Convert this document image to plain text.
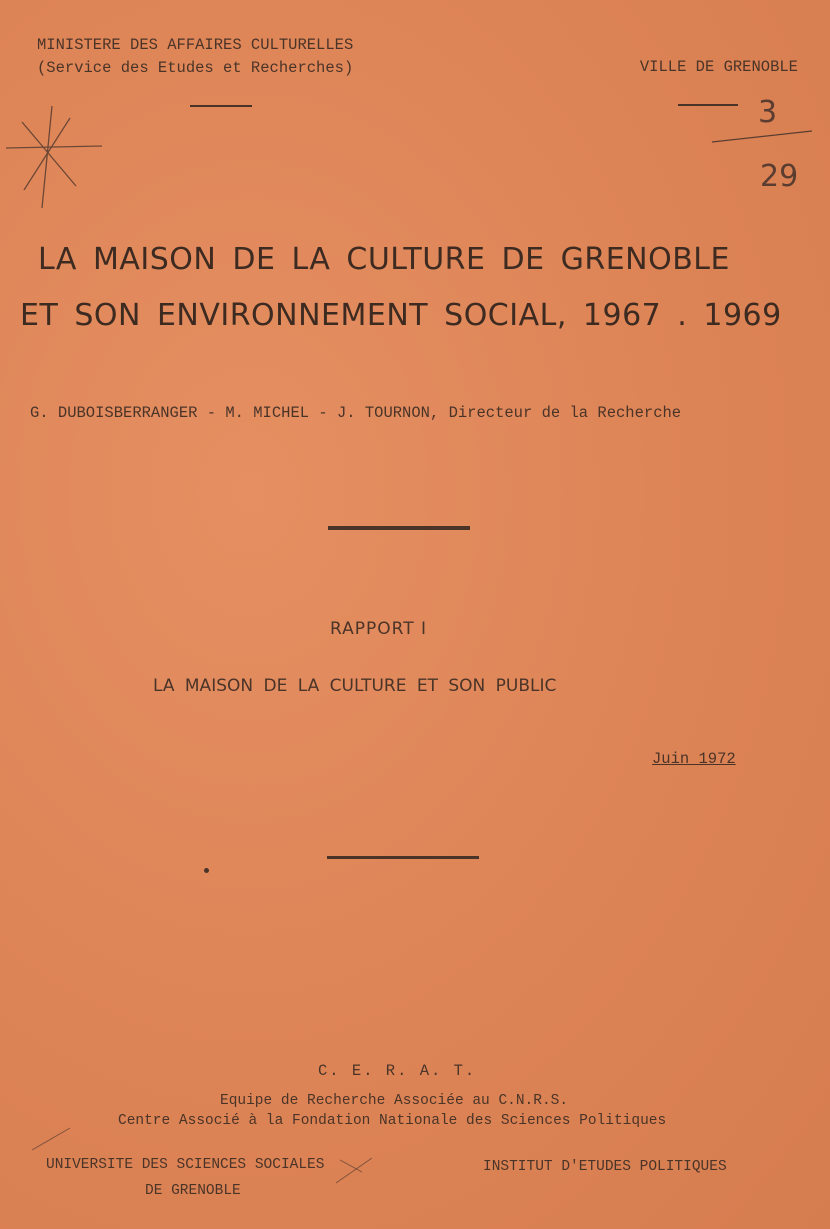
MINISTERE DES AFFAIRES CULTURELLES
(Service des Etudes et Recherches)	VILLE DE GRENOBLE
3
29
LA MAISON DE LA CULTURE DE GRENOBLE
ET SON ENVIRONNEMENT SOCIAL, 1967 . 1969
G. DUBOISBERRANGER - M. MICHEL - J. TOURNON, Directeur de la Recherche
RAPPORT I
LA MAISON DE LA CULTURE ET SON PUBLIC
Juin 1972
C. E. R. A. T.
Equipe de Recherche Associée au C.N.R.S.
Centre Associé à la Fondation Nationale des Sciences Politiques
UNIVERSITE DES SCIENCES SOCIALES
DE GRENOBLE
INSTITUT D'ETUDES POLITIQUES
